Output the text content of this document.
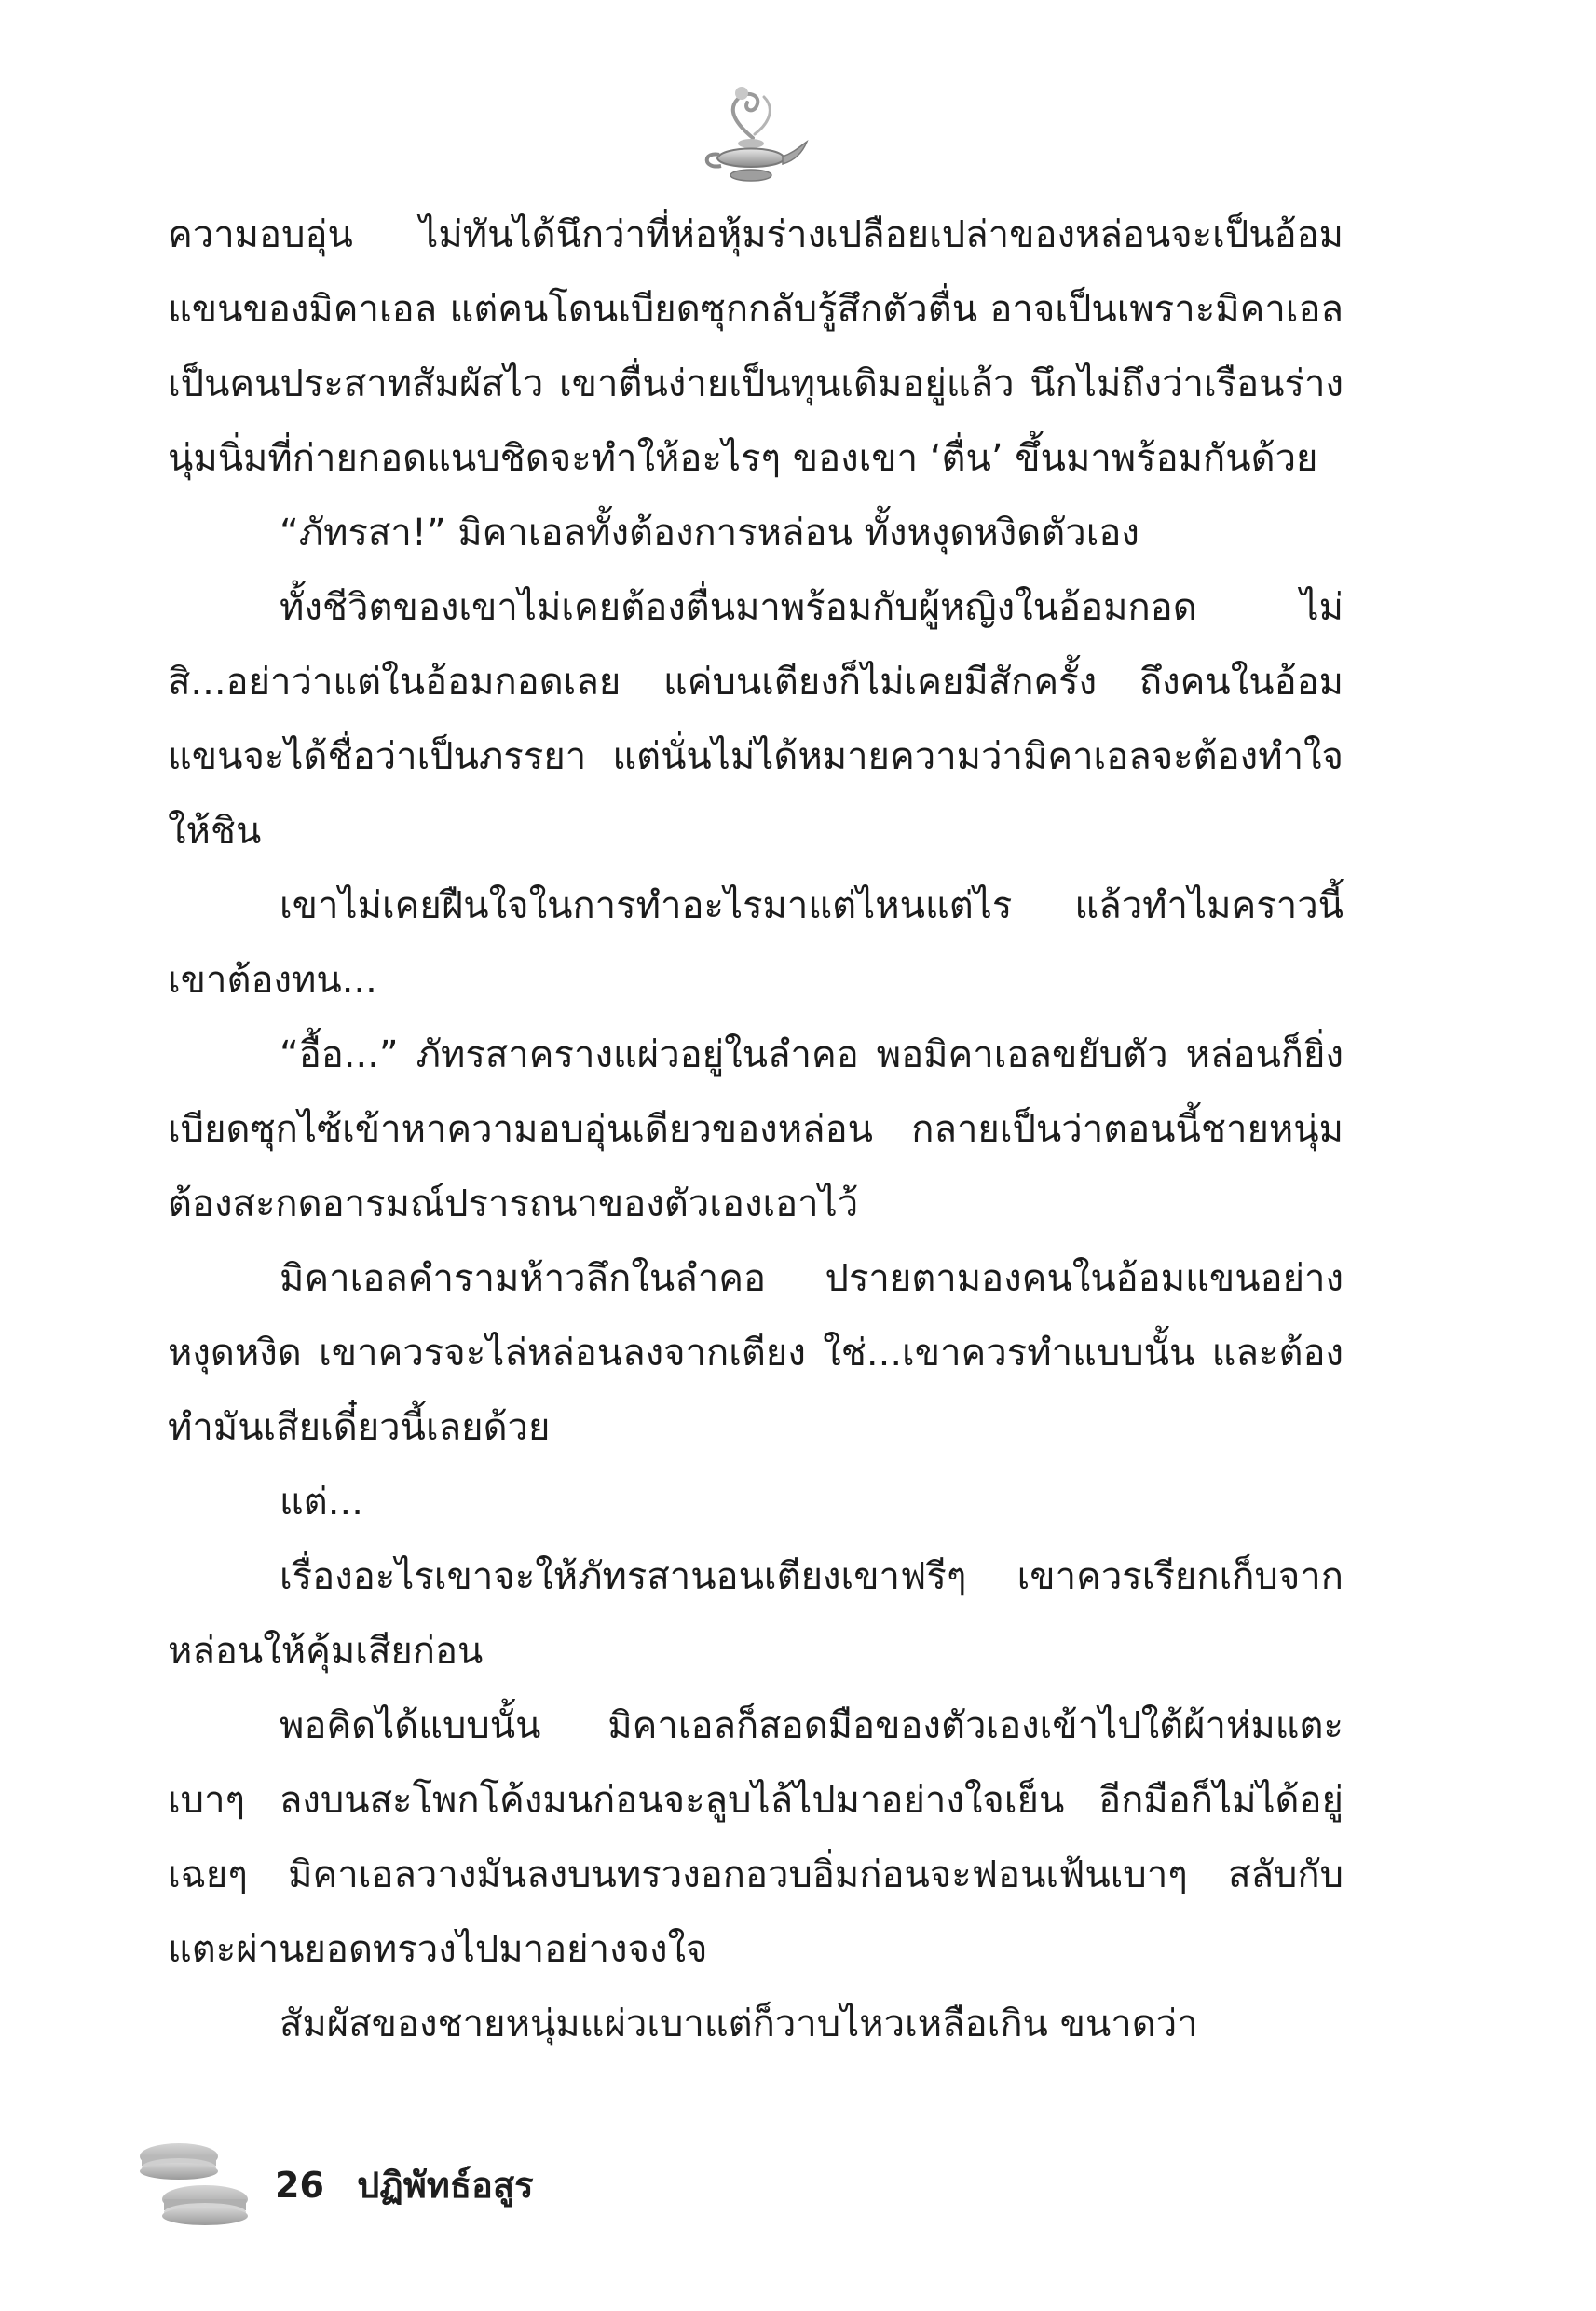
ความอบอุ่น ไม่ทันได้นึกว่าที่ห่อหุ้มร่างเปลือยเปล่าของหล่อนจะเป็นอ้อมแขนของมิคาเอล แต่คนโดนเบียดซุกกลับรู้สึกตัวตื่น อาจเป็นเพราะมิคาเอลเป็นคนประสาทสัมผัสไว เขาตื่นง่ายเป็นทุนเดิมอยู่แล้ว นึกไม่ถึงว่าเรือนร่างนุ่มนิ่มที่ก่ายกอดแนบชิดจะทำให้อะไรๆ ของเขา ‘ตื่น’ ขึ้นมาพร้อมกันด้วย

“ภัทรสา!” มิคาเอลทั้งต้องการหล่อน ทั้งหงุดหงิดตัวเอง

ทั้งชีวิตของเขาไม่เคยต้องตื่นมาพร้อมกับผู้หญิงในอ้อมกอด ไม่สิ...อย่าว่าแต่ในอ้อมกอดเลย แค่บนเตียงก็ไม่เคยมีสักครั้ง ถึงคนในอ้อมแขนจะได้ชื่อว่าเป็นภรรยา แต่นั่นไม่ได้หมายความว่ามิคาเอลจะต้องทำใจให้ชิน

เขาไม่เคยฝืนใจในการทำอะไรมาแต่ไหนแต่ไร แล้วทำไมคราวนี้เขาต้องทน...

“อื้อ...” ภัทรสาครางแผ่วอยู่ในลำคอ พอมิคาเอลขยับตัว หล่อนก็ยิ่งเบียดซุกไซ้เข้าหาความอบอุ่นเดียวของหล่อน กลายเป็นว่าตอนนี้ชายหนุ่มต้องสะกดอารมณ์ปรารถนาของตัวเองเอาไว้

มิคาเอลคำรามห้าวลึกในลำคอ ปรายตามองคนในอ้อมแขนอย่างหงุดหงิด เขาควรจะไล่หล่อนลงจากเตียง ใช่...เขาควรทำแบบนั้น และต้องทำมันเสียเดี๋ยวนี้เลยด้วย

แต่...

เรื่องอะไรเขาจะให้ภัทรสานอนเตียงเขาฟรีๆ เขาควรเรียกเก็บจากหล่อนให้คุ้มเสียก่อน

พอคิดได้แบบนั้น มิคาเอลก็สอดมือของตัวเองเข้าไปใต้ผ้าห่มแตะเบาๆ ลงบนสะโพกโค้งมนก่อนจะลูบไล้ไปมาอย่างใจเย็น อีกมือก็ไม่ได้อยู่เฉยๆ มิคาเอลวางมันลงบนทรวงอกอวบอิ่มก่อนจะฟอนเฟ้นเบาๆ สลับกับแตะผ่านยอดทรวงไปมาอย่างจงใจ

สัมผัสของชายหนุ่มแผ่วเบาแต่ก็วาบไหวเหลือเกิน ขนาดว่า

26 ปฏิพัทธ์อสูร
